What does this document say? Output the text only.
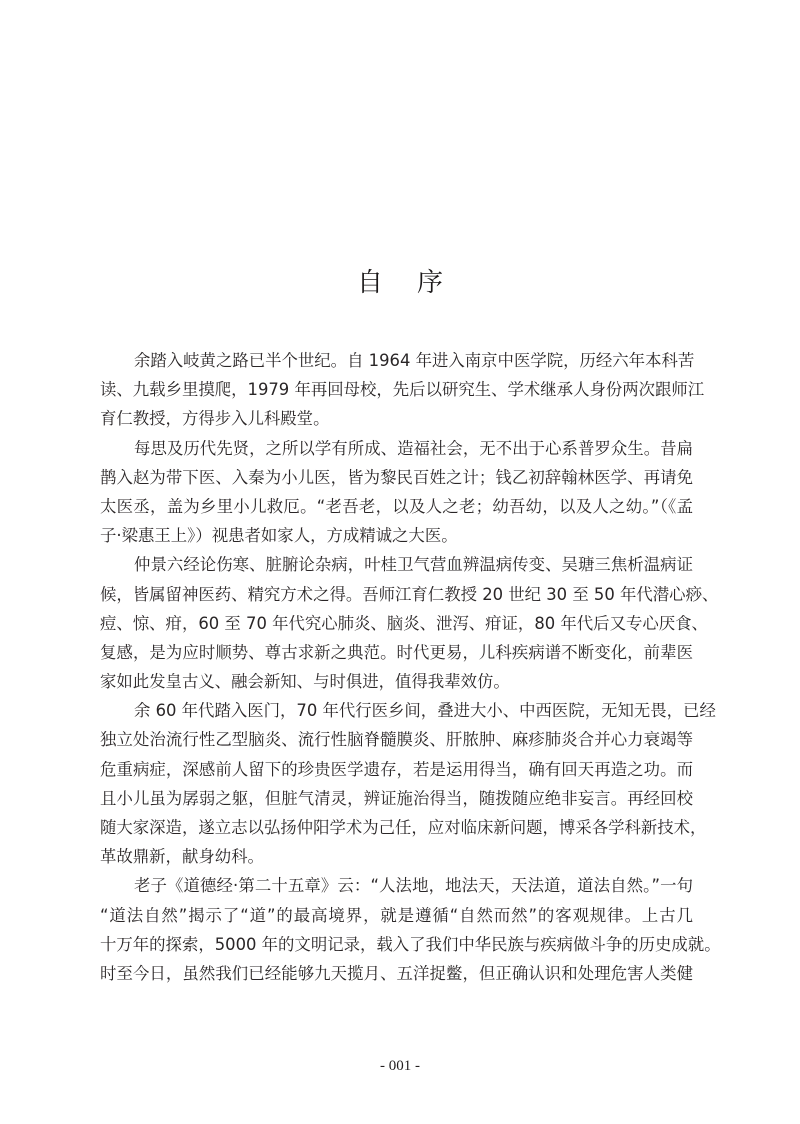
自 序
余踏入岐黄之路已半个世纪。自 1964 年进入南京中医学院，历经六年本科苦
读、九载乡里摸爬，1979 年再回母校，先后以研究生、学术继承人身份两次跟师江
育仁教授，方得步入儿科殿堂。
每思及历代先贤，之所以学有所成、造福社会，无不出于心系普罗众生。昔扁
鹊入赵为带下医、入秦为小儿医，皆为黎民百姓之计；钱乙初辞翰林医学、再请免
太医丞，盖为乡里小儿救厄。“老吾老，以及人之老；幼吾幼，以及人之幼。”（《孟
子·梁惠王上》）视患者如家人，方成精诚之大医。
仲景六经论伤寒、脏腑论杂病，叶桂卫气营血辨温病传变、吴瑭三焦析温病证
候，皆属留神医药、精究方术之得。吾师江育仁教授 20 世纪 30 至 50 年代潜心痧、
痘、惊、疳，60 至 70 年代究心肺炎、脑炎、泄泻、疳证，80 年代后又专心厌食、
复感，是为应时顺势、尊古求新之典范。时代更易，儿科疾病谱不断变化，前辈医
家如此发皇古义、融会新知、与时俱进，值得我辈效仿。
余 60 年代踏入医门，70 年代行医乡间，叠进大小、中西医院，无知无畏，已经
独立处治流行性乙型脑炎、流行性脑脊髓膜炎、肝脓肿、麻疹肺炎合并心力衰竭等
危重病症，深感前人留下的珍贵医学遗存，若是运用得当，确有回天再造之功。而
且小儿虽为孱弱之躯，但脏气清灵，辨证施治得当，随拨随应绝非妄言。再经回校
随大家深造，遂立志以弘扬仲阳学术为己任，应对临床新问题，博采各学科新技术，
革故鼎新，献身幼科。
老子《道德经·第二十五章》云：“人法地，地法天，天法道，道法自然。”一句
“道法自然”揭示了“道”的最高境界，就是遵循“自然而然”的客观规律。上古几
十万年的探索，5000 年的文明记录，载入了我们中华民族与疾病做斗争的历史成就。
时至今日，虽然我们已经能够九天揽月、五洋捉鳖，但正确认识和处理危害人类健
- 001 -
